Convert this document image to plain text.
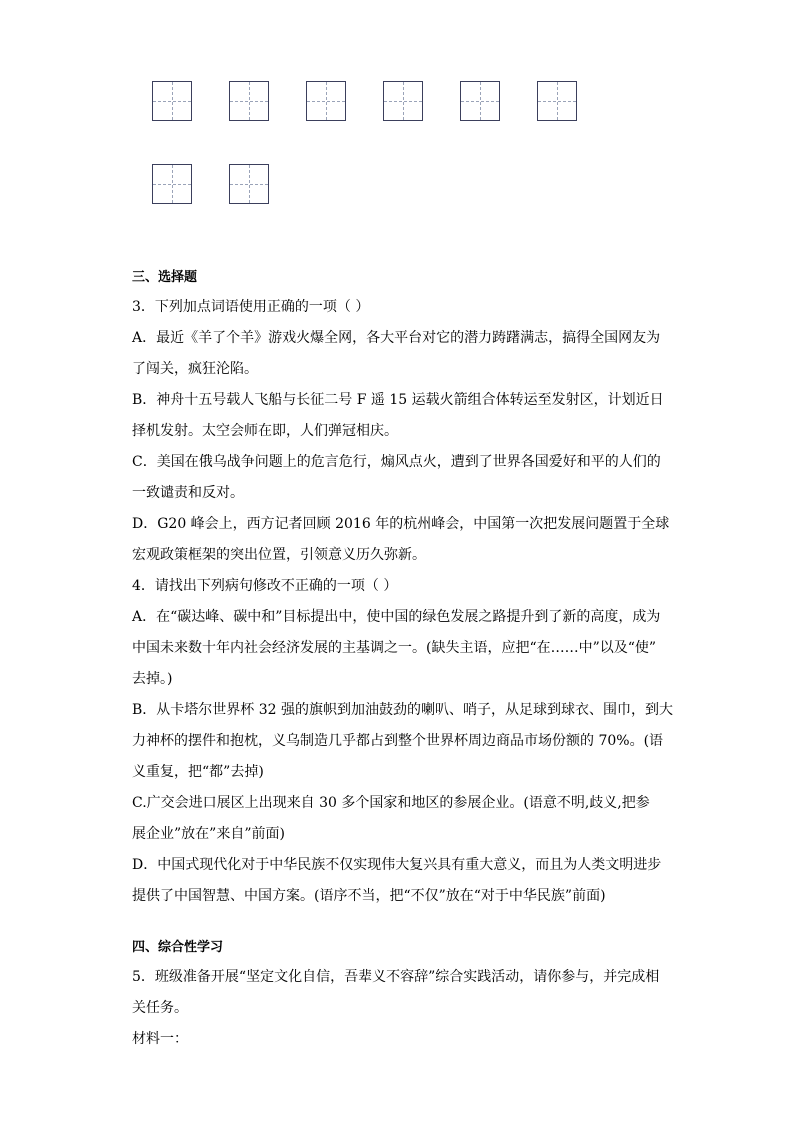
三、选择题
3．下列加点词语使用正确的一项（ ）
A．最近《羊了个羊》游戏火爆全网，各大平台对它的潜力踌躇满志，搞得全国网友为
了闯关，疯狂沦陷。
B．神舟十五号载人飞船与长征二号 F 遥 15 运载火箭组合体转运至发射区，计划近日
择机发射。太空会师在即，人们弹冠相庆。
C．美国在俄乌战争问题上的危言危行，煽风点火，遭到了世界各国爱好和平的人们的
一致谴责和反对。
D．G20 峰会上，西方记者回顾 2016 年的杭州峰会，中国第一次把发展问题置于全球
宏观政策框架的突出位置，引领意义历久弥新。
4．请找出下列病句修改不正确的一项（ ）
A．在“碳达峰、碳中和”目标提出中，使中国的绿色发展之路提升到了新的高度，成为
中国未来数十年内社会经济发展的主基调之一。(缺失主语，应把“在……中”以及“使”
去掉。)
B．从卡塔尔世界杯 32 强的旗帜到加油鼓劲的喇叭、哨子，从足球到球衣、围巾，到大
力神杯的摆件和抱枕，义乌制造几乎都占到整个世界杯周边商品市场份额的 70%。(语
义重复，把“都”去掉)
C.广交会进口展区上出现来自 30 多个国家和地区的参展企业。(语意不明,歧义,把参
展企业”放在”来自”前面)
D．中国式现代化对于中华民族不仅实现伟大复兴具有重大意义，而且为人类文明进步
提供了中国智慧、中国方案。(语序不当，把“不仅”放在“对于中华民族”前面)
四、综合性学习
5．班级准备开展“坚定文化自信，吾辈义不容辞”综合实践活动，请你参与，并完成相
关任务。
材料一：
